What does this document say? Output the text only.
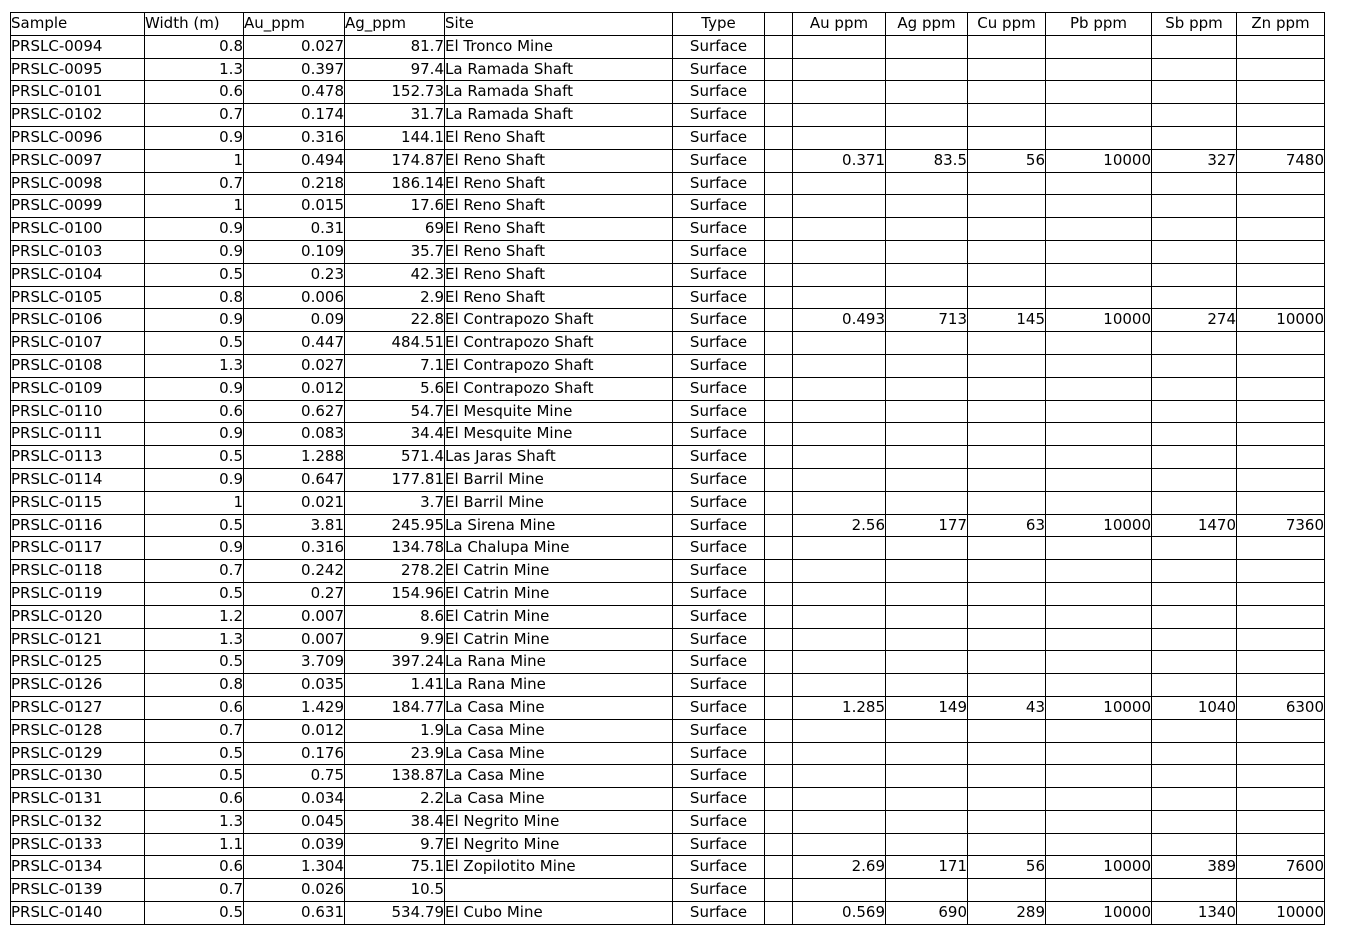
Sample	Width (m)	Au_ppm	Ag_ppm	Site	Type		Au ppm	Ag ppm	Cu ppm	Pb ppm	Sb ppm	Zn ppm
PRSLC-0094	0.8	0.027	81.7	El Tronco Mine	Surface							
PRSLC-0095	1.3	0.397	97.4	La Ramada Shaft	Surface							
PRSLC-0101	0.6	0.478	152.73	La Ramada Shaft	Surface							
PRSLC-0102	0.7	0.174	31.7	La Ramada Shaft	Surface							
PRSLC-0096	0.9	0.316	144.1	El Reno Shaft	Surface							
PRSLC-0097	1	0.494	174.87	El Reno Shaft	Surface		0.371	83.5	56	10000	327	7480
PRSLC-0098	0.7	0.218	186.14	El Reno Shaft	Surface							
PRSLC-0099	1	0.015	17.6	El Reno Shaft	Surface							
PRSLC-0100	0.9	0.31	69	El Reno Shaft	Surface							
PRSLC-0103	0.9	0.109	35.7	El Reno Shaft	Surface							
PRSLC-0104	0.5	0.23	42.3	El Reno Shaft	Surface							
PRSLC-0105	0.8	0.006	2.9	El Reno Shaft	Surface							
PRSLC-0106	0.9	0.09	22.8	El Contrapozo Shaft	Surface		0.493	713	145	10000	274	10000
PRSLC-0107	0.5	0.447	484.51	El Contrapozo Shaft	Surface							
PRSLC-0108	1.3	0.027	7.1	El Contrapozo Shaft	Surface							
PRSLC-0109	0.9	0.012	5.6	El Contrapozo Shaft	Surface							
PRSLC-0110	0.6	0.627	54.7	El Mesquite Mine	Surface							
PRSLC-0111	0.9	0.083	34.4	El Mesquite Mine	Surface							
PRSLC-0113	0.5	1.288	571.4	Las Jaras Shaft	Surface							
PRSLC-0114	0.9	0.647	177.81	El Barril Mine	Surface							
PRSLC-0115	1	0.021	3.7	El Barril Mine	Surface							
PRSLC-0116	0.5	3.81	245.95	La Sirena Mine	Surface		2.56	177	63	10000	1470	7360
PRSLC-0117	0.9	0.316	134.78	La Chalupa Mine	Surface							
PRSLC-0118	0.7	0.242	278.2	El Catrin Mine	Surface							
PRSLC-0119	0.5	0.27	154.96	El Catrin Mine	Surface							
PRSLC-0120	1.2	0.007	8.6	El Catrin Mine	Surface							
PRSLC-0121	1.3	0.007	9.9	El Catrin Mine	Surface							
PRSLC-0125	0.5	3.709	397.24	La Rana Mine	Surface							
PRSLC-0126	0.8	0.035	1.41	La Rana Mine	Surface							
PRSLC-0127	0.6	1.429	184.77	La Casa Mine	Surface		1.285	149	43	10000	1040	6300
PRSLC-0128	0.7	0.012	1.9	La Casa Mine	Surface							
PRSLC-0129	0.5	0.176	23.9	La Casa Mine	Surface							
PRSLC-0130	0.5	0.75	138.87	La Casa Mine	Surface							
PRSLC-0131	0.6	0.034	2.2	La Casa Mine	Surface							
PRSLC-0132	1.3	0.045	38.4	El Negrito Mine	Surface							
PRSLC-0133	1.1	0.039	9.7	El Negrito Mine	Surface							
PRSLC-0134	0.6	1.304	75.1	El Zopilotito Mine	Surface		2.69	171	56	10000	389	7600
PRSLC-0139	0.7	0.026	10.5		Surface							
PRSLC-0140	0.5	0.631	534.79	El Cubo Mine	Surface		0.569	690	289	10000	1340	10000
